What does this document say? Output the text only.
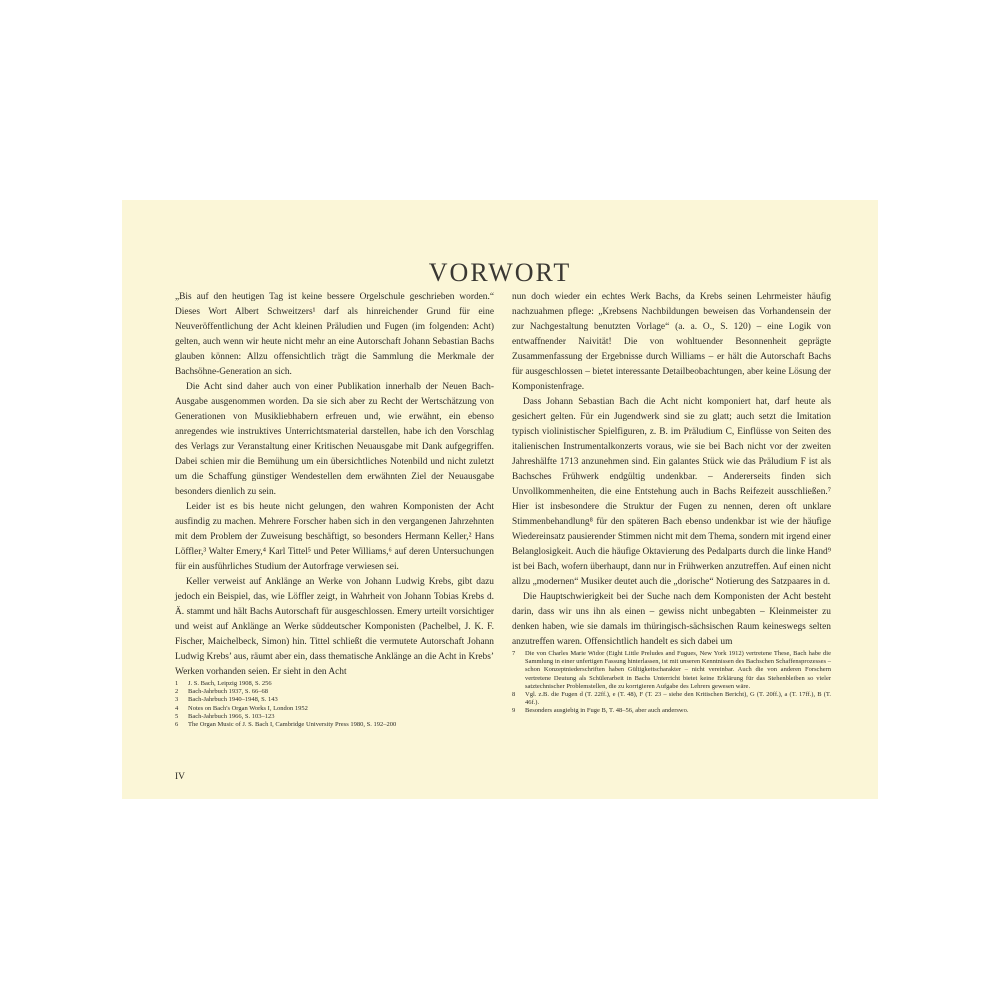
VORWORT

„Bis auf den heutigen Tag ist keine bessere Orgelschule geschrieben worden.“ Dieses Wort Albert Schweitzers¹ darf als hinreichender Grund für eine Neuveröffentlichung der Acht kleinen Präludien und Fugen (im folgenden: Acht) gelten, auch wenn wir heute nicht mehr an eine Autorschaft Johann Sebastian Bachs glauben können: Allzu offensichtlich trägt die Sammlung die Merkmale der Bachsöhne-Generation an sich.

Die Acht sind daher auch von einer Publikation innerhalb der Neuen Bach-Ausgabe ausgenommen worden. Da sie sich aber zu Recht der Wertschätzung von Generationen von Musikliebhabern erfreuen und, wie erwähnt, ein ebenso anregendes wie instruktives Unterrichtsmaterial darstellen, habe ich den Vorschlag des Verlags zur Veranstaltung einer Kritischen Neuausgabe mit Dank aufgegriffen. Dabei schien mir die Bemühung um ein übersichtliches Notenbild und nicht zuletzt um die Schaffung günstiger Wendestellen dem erwähnten Ziel der Neuausgabe besonders dienlich zu sein.

Leider ist es bis heute nicht gelungen, den wahren Komponisten der Acht ausfindig zu machen. Mehrere Forscher haben sich in den vergangenen Jahrzehnten mit dem Problem der Zuweisung beschäftigt, so besonders Hermann Keller,² Hans Löffler,³ Walter Emery,⁴ Karl Tittel⁵ und Peter Williams,⁶ auf deren Untersuchungen für ein ausführliches Studium der Autorfrage verwiesen sei.

Keller verweist auf Anklänge an Werke von Johann Ludwig Krebs, gibt dazu jedoch ein Beispiel, das, wie Löffler zeigt, in Wahrheit von Johann Tobias Krebs d. Ä. stammt und hält Bachs Autorschaft für ausgeschlossen. Emery urteilt vorsichtiger und weist auf Anklänge an Werke süddeutscher Komponisten (Pachelbel, J. K. F. Fischer, Maichelbeck, Simon) hin. Tittel schließt die vermutete Autorschaft Johann Ludwig Krebs’ aus, räumt aber ein, dass thematische Anklänge an die Acht in Krebs’ Werken vorhanden seien. Er sieht in den Acht

nun doch wieder ein echtes Werk Bachs, da Krebs seinen Lehrmeister häufig nachzuahmen pflege: „Krebsens Nachbildungen beweisen das Vorhandensein der zur Nachgestaltung benutzten Vorlage“ (a. a. O., S. 120) – eine Logik von entwaffnender Naivität! Die von wohltuender Besonnenheit geprägte Zusammenfassung der Ergebnisse durch Williams – er hält die Autorschaft Bachs für ausgeschlossen – bietet interessante Detailbeobachtungen, aber keine Lösung der Komponistenfrage.

Dass Johann Sebastian Bach die Acht nicht komponiert hat, darf heute als gesichert gelten. Für ein Jugendwerk sind sie zu glatt; auch setzt die Imitation typisch violinistischer Spielfiguren, z. B. im Präludium C, Einflüsse von Seiten des italienischen Instrumentalkonzerts voraus, wie sie bei Bach nicht vor der zweiten Jahreshälfte 1713 anzunehmen sind. Ein galantes Stück wie das Präludium F ist als Bachsches Frühwerk endgültig undenkbar. – Andererseits finden sich Unvollkommenheiten, die eine Entstehung auch in Bachs Reifezeit ausschließen.⁷ Hier ist insbesondere die Struktur der Fugen zu nennen, deren oft unklare Stimmenbehandlung⁸ für den späteren Bach ebenso undenkbar ist wie der häufige Wiedereinsatz pausierender Stimmen nicht mit dem Thema, sondern mit irgend einer Belanglosigkeit. Auch die häufige Oktavierung des Pedalparts durch die linke Hand⁹ ist bei Bach, wofern überhaupt, dann nur in Frühwerken anzutreffen. Auf einen nicht allzu „modernen“ Musiker deutet auch die „dorische“ Notierung des Satzpaares in d.

Die Hauptschwierigkeit bei der Suche nach dem Komponisten der Acht besteht darin, dass wir uns ihn als einen – gewiss nicht unbegabten – Kleinmeister zu denken haben, wie sie damals im thüringisch-sächsischen Raum keineswegs selten anzutreffen waren. Offensichtlich handelt es sich dabei um

1	J. S. Bach, Leipzig 1908, S. 256
2	Bach-Jahrbuch 1937, S. 66–68
3	Bach-Jahrbuch 1940–1948, S. 143
4	Notes on Bach's Organ Works I, London 1952
5	Bach-Jahrbuch 1966, S. 103–123
6	The Organ Music of J. S. Bach I, Cambridge University Press 1980, S. 192–200
7	Die von Charles Marie Widor (Eight Little Preludes and Fugues, New York 1912) vertretene These, Bach habe die Sammlung in einer unfertigen Fassung hinterlassen, ist mit unseren Kenntnissen des Bachschen Schaffensprozesses – schon Konzeptniederschriften haben Gültigkeitscharakter – nicht vereinbar. Auch die von anderen Forschern vertretene Deutung als Schülerarbeit in Bachs Unterricht bietet keine Erklärung für das Stehenbleiben so vieler satztechnischer Problemstellen, die zu korrigieren Aufgabe des Lehrers gewesen wäre.
8	Vgl. z.B. die Fugen d (T. 22ff.), e (T. 48), F (T. 23 – siehe den Kritischen Bericht), G (T. 20ff.), a (T. 17ff.), B (T. 46f.).
9	Besonders ausgiebig in Fuge B, T. 48–56, aber auch anderswo.
IV
